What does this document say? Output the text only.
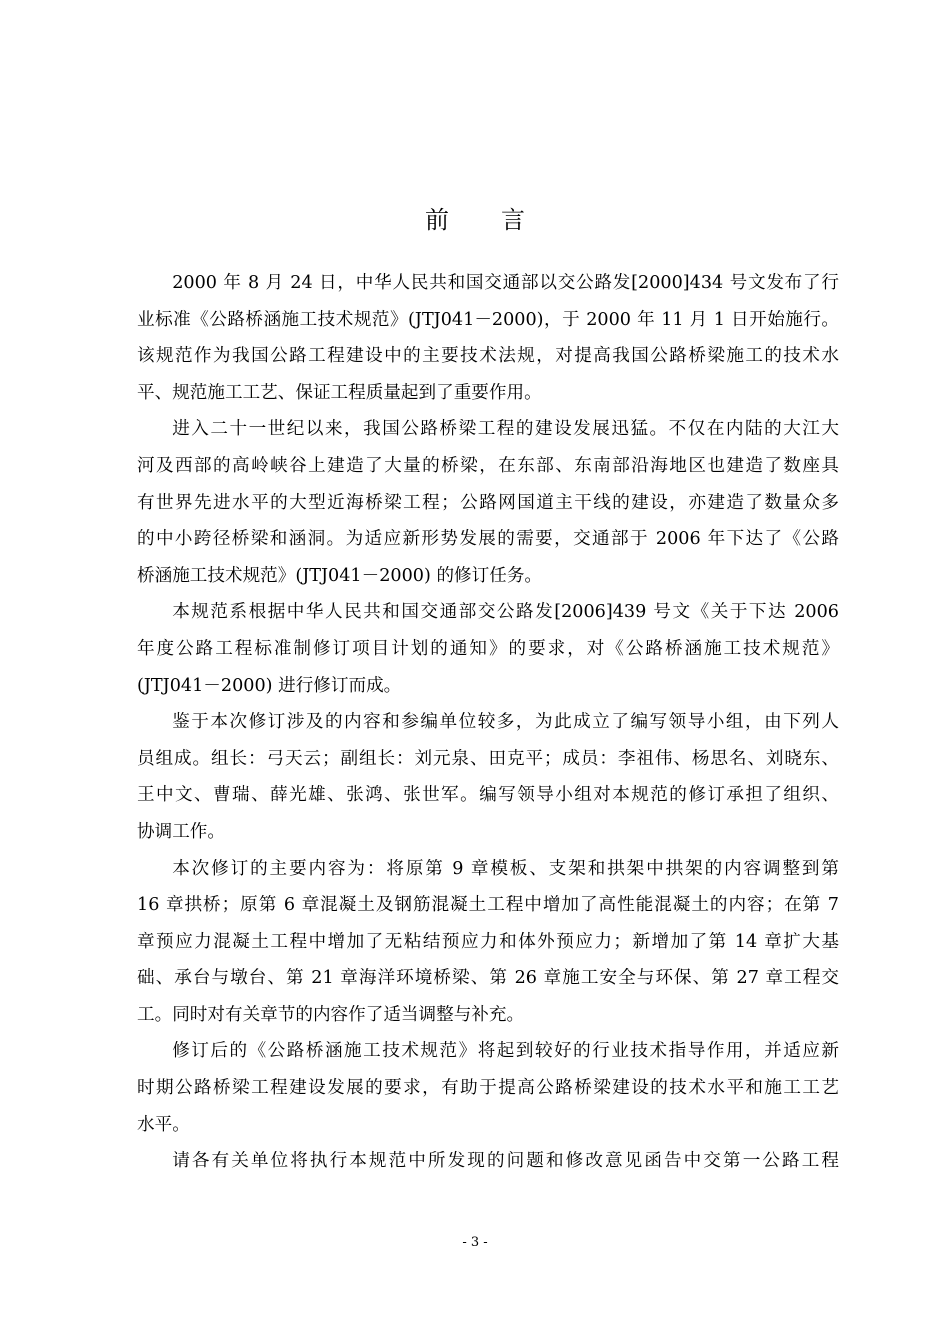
前 言
2000 年 8 月 24 日，中华人民共和国交通部以交公路发[2000]434 号文发布了行
业标准《公路桥涵施工技术规范》(JTJ041－2000)，于 2000 年 11 月 1 日开始施行。
该规范作为我国公路工程建设中的主要技术法规，对提高我国公路桥梁施工的技术水
平、规范施工工艺、保证工程质量起到了重要作用。
进入二十一世纪以来，我国公路桥梁工程的建设发展迅猛。不仅在内陆的大江大
河及西部的高岭峡谷上建造了大量的桥梁，在东部、东南部沿海地区也建造了数座具
有世界先进水平的大型近海桥梁工程；公路网国道主干线的建设，亦建造了数量众多
的中小跨径桥梁和涵洞。为适应新形势发展的需要，交通部于 2006 年下达了《公路
桥涵施工技术规范》(JTJ041－2000) 的修订任务。
本规范系根据中华人民共和国交通部交公路发[2006]439 号文《关于下达 2006
年度公路工程标准制修订项目计划的通知》的要求，对《公路桥涵施工技术规范》
(JTJ041－2000) 进行修订而成。
鉴于本次修订涉及的内容和参编单位较多，为此成立了编写领导小组，由下列人
员组成。组长：弓天云；副组长：刘元泉、田克平；成员：李祖伟、杨思名、刘晓东、
王中文、曹瑞、薛光雄、张鸿、张世军。编写领导小组对本规范的修订承担了组织、
协调工作。
本次修订的主要内容为：将原第 9 章模板、支架和拱架中拱架的内容调整到第
16 章拱桥；原第 6 章混凝土及钢筋混凝土工程中增加了高性能混凝土的内容；在第 7
章预应力混凝土工程中增加了无粘结预应力和体外预应力；新增加了第 14 章扩大基
础、承台与墩台、第 21 章海洋环境桥梁、第 26 章施工安全与环保、第 27 章工程交
工。同时对有关章节的内容作了适当调整与补充。
修订后的《公路桥涵施工技术规范》将起到较好的行业技术指导作用，并适应新
时期公路桥梁工程建设发展的要求，有助于提高公路桥梁建设的技术水平和施工工艺
水平。
请各有关单位将执行本规范中所发现的问题和修改意见函告中交第一公路工程
- 3 -
